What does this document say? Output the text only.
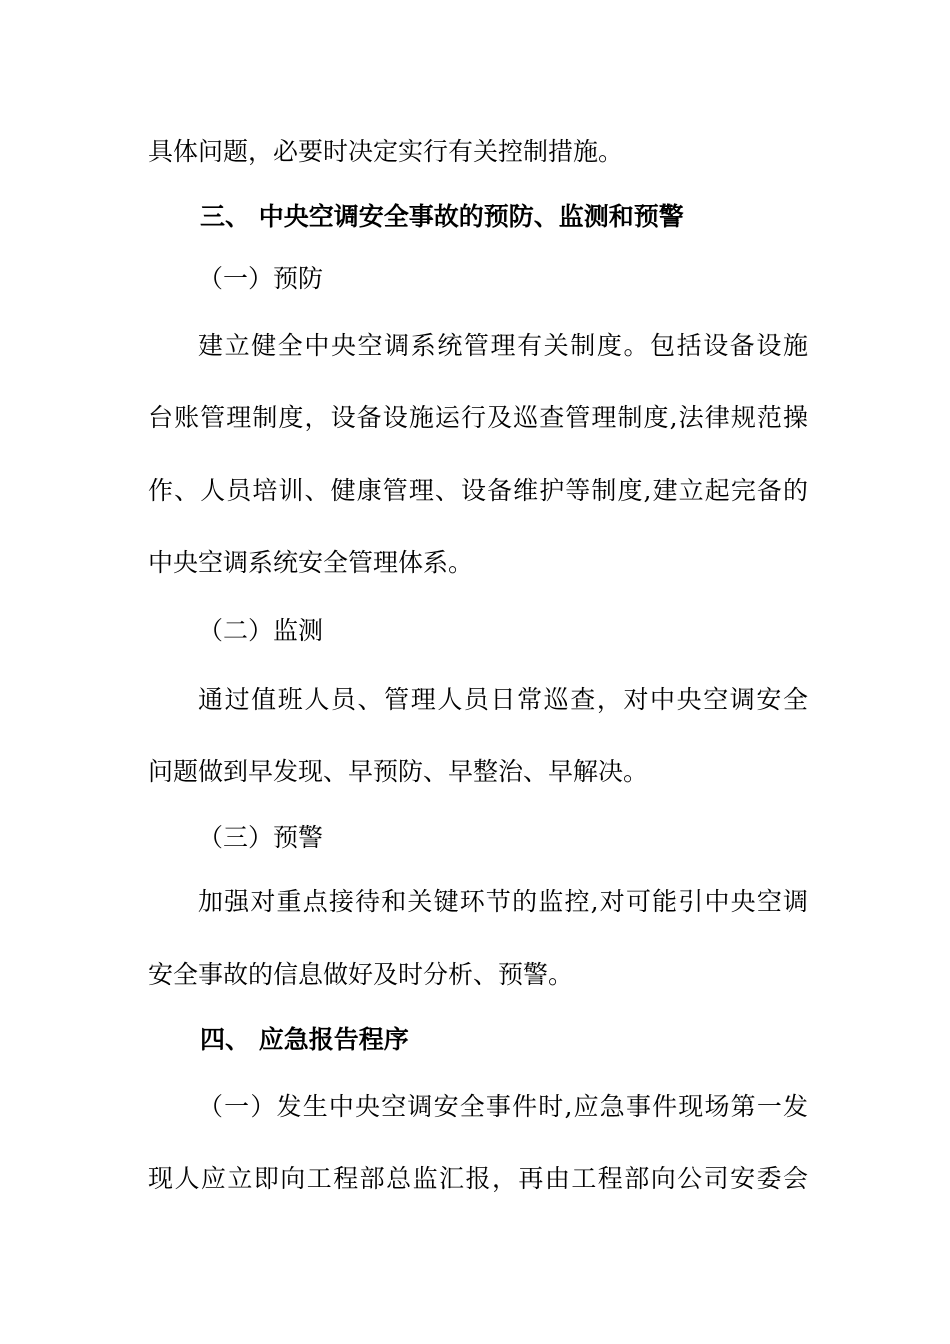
具体问题，必要时决定实行有关控制措施。
三、 中央空调安全事故的预防、监测和预警
（一）预防
建立健全中央空调系统管理有关制度。包括设备设施
台账管理制度，设备设施运行及巡查管理制度,法律规范操
作、人员培训、健康管理、设备维护等制度,建立起完备的
中央空调系统安全管理体系。
（二）监测
通过值班人员、管理人员日常巡查，对中央空调安全
问题做到早发现、早预防、早整治、早解决。
（三）预警
加强对重点接待和关键环节的监控,对可能引中央空调
安全事故的信息做好及时分析、预警。
四、 应急报告程序
（一）发生中央空调安全事件时,应急事件现场第一发
现人应立即向工程部总监汇报，再由工程部向公司安委会
